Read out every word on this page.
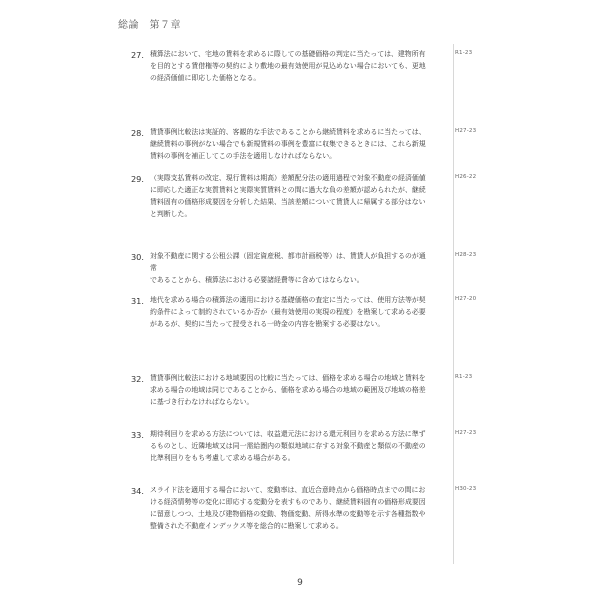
総論　第７章
27. 積算法において、宅地の賃料を求めるに際しての基礎価格の判定に当たっては、建物所有
を目的とする賃借権等の契約により敷地の最有効使用が見込めない場合においても、更地
の経済価値に即応した価格となる。
R1-23
28. 賃貸事例比較法は実証的、客観的な手法であることから継続賃料を求めるに当たっては、
継続賃料の事例がない場合でも新規賃料の事例を豊富に収集できるときには、これら新規
賃料の事例を補正してこの手法を適用しなければならない。
H27-23
29. （実際支払賃料の改定、現行賃料は期高）差額配分法の適用過程で対象不動産の経済価値
に即応した適正な実質賃料と実際実質賃料との間に過大な負の差額が認められたが、継続
賃料固有の価格形成要因を分析した結果、当該差額について賃貸人に帰属する部分はない
と判断した。
H26-22
30. 対象不動産に関する公租公課（固定資産税、都市計画税等）は、賃貸人が負担するのが通
常
であることから、積算法における必要諸経費等に含めてはならない。
H28-23
31. 地代を求める場合の積算法の適用における基礎価格の査定に当たっては、使用方法等が契
約条件によって制約されているか否か（最有効使用の実現の程度）を勘案して求める必要
があるが、契約に当たって授受される一時金の内容を勘案する必要はない。
H27-20
32. 賃貸事例比較法における地域要因の比較に当たっては、価格を求める場合の地域と賃料を
求める場合の地域は同じであることから、価格を求める場合の地域の範囲及び地域の格差
に基づき行わなければならない。
R1-23
33. 期待利回りを求める方法については、収益還元法における還元利回りを求める方法に準ず
るものとし、近隣地域又は同一需給圏内の類似地域に存する対象不動産と類似の不動産の
比準利回りをもち考慮して求める場合がある。
H27-23
34. スライド法を適用する場合において、変動率は、直近合意時点から価格時点までの間にお
ける経済情勢等の変化に即応する変動分を表すものであり、継続賃料固有の価格形成要因
に留意しつつ、土地及び建物価格の変動、物価変動、所得水準の変動等を示す各種指数や
整備された不動産インデックス等を総合的に勘案して求める。
H30-23
9
